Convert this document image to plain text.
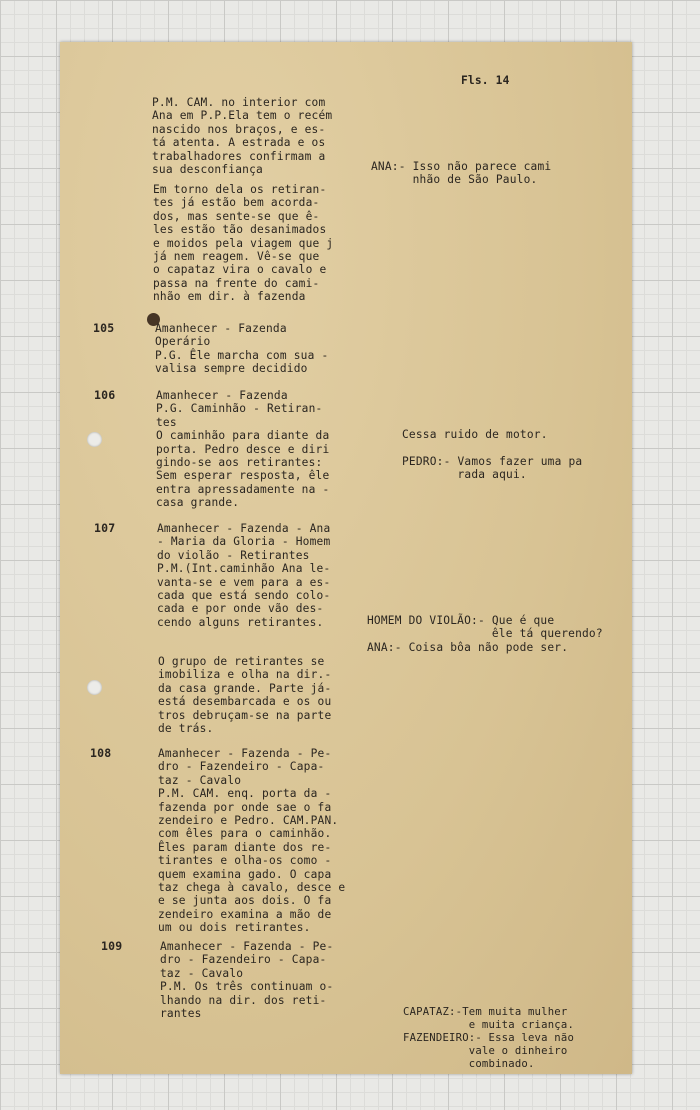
Fls. 14
P.M. CAM. no interior com
Ana em P.P.Ela tem o recém
nascido nos braços, e es-
tá atenta. A estrada e os
trabalhadores confirmam a
sua desconfiança
Em torno dela os retiran-
tes já estão bem acorda-
dos, mas sente-se que ê-
les estão tão desanimados
e moidos pela viagem que j
já nem reagem. Vê-se que
o capataz vira o cavalo e
passa na frente do cami-
nhão em dir. à fazenda
105	Amanhecer - Fazenda
Operário
P.G. Êle marcha com sua -
valisa sempre decidido
106	Amanhecer - Fazenda
P.G. Caminhão - Retiran-
tes
O caminhão para diante da
porta. Pedro desce e diri
gindo-se aos retirantes:
Sem esperar resposta, êle
entra apressadamente na -
casa grande.
107	Amanhecer - Fazenda - Ana
- Maria da Gloria - Homem
do violão - Retirantes
P.M.(Int.caminhão Ana le-
vanta-se e vem para a es-
cada que está sendo colo-
cada e por onde vão des-
cendo alguns retirantes.
O grupo de retirantes se
imobiliza e olha na dir.-
da casa grande. Parte já-
está desembarcada e os ou
tros debruçam-se na parte
de trás.
108	Amanhecer - Fazenda - Pe-
dro - Fazendeiro - Capa-
taz - Cavalo
P.M. CAM. enq. porta da -
fazenda por onde sae o fa
zendeiro e Pedro. CAM.PAN.
com êles para o caminhão.
Êles param diante dos re-
tirantes e olha-os como -
quem examina gado. O capa
taz chega à cavalo, desce e
e se junta aos dois. O fa
zendeiro examina a mão de
um ou dois retirantes.
109	Amanhecer - Fazenda - Pe-
dro - Fazendeiro - Capa-
taz - Cavalo
P.M. Os três continuam o-
lhando na dir. dos reti-
rantes
ANA:- Isso não parece cami
nhão de São Paulo.
Cessa ruido de motor.
PEDRO:- Vamos fazer uma pa
rada aqui.
HOMEM DO VIOLÃO:- Que é que
êle tá querendo?
ANA:- Coisa bôa não pode ser.
CAPATAZ:-Tem muita mulher
e muita criança.
FAZENDEIRO:- Essa leva não
vale o dinheiro
combinado.
